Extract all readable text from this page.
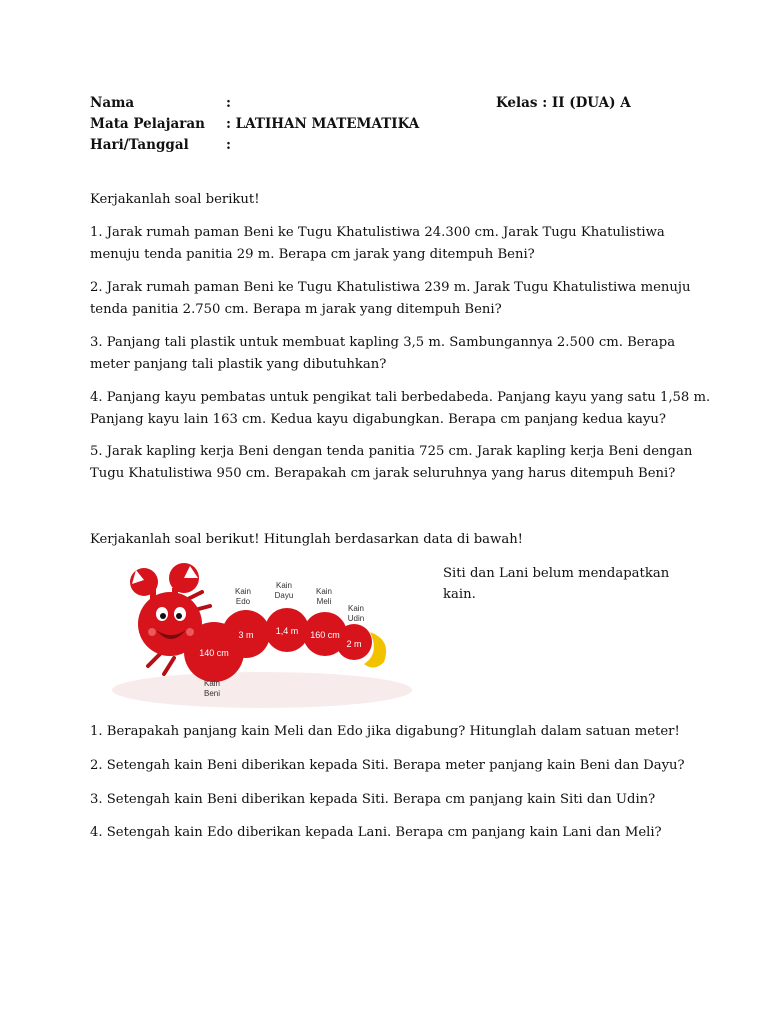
Nama	:	Kelas : II (DUA) A
Mata Pelajaran : LATIHAN MATEMATIKA
Hari/Tanggal	:
Kerjakanlah soal berikut!
1. Jarak rumah paman Beni ke Tugu Khatulistiwa 24.300 cm. Jarak Tugu Khatulistiwa
menuju tenda panitia 29 m. Berapa cm jarak yang ditempuh Beni?
2. Jarak rumah paman Beni ke Tugu Khatulistiwa 239 m. Jarak Tugu Khatulistiwa menuju
tenda panitia 2.750 cm. Berapa m jarak yang ditempuh Beni?
3. Panjang tali plastik untuk membuat kapling 3,5 m. Sambungannya 2.500 cm. Berapa
meter panjang tali plastik yang dibutuhkan?
4. Panjang kayu pembatas untuk pengikat tali berbedabeda. Panjang kayu yang satu 1,58 m.
Panjang kayu lain 163 cm. Kedua kayu digabungkan. Berapa cm panjang kedua kayu?
5. Jarak kapling kerja Beni dengan tenda panitia 725 cm. Jarak kapling kerja Beni dengan
Tugu Khatulistiwa 950 cm. Berapakah cm jarak seluruhnya yang harus ditempuh Beni?
Kerjakanlah soal berikut! Hitunglah berdasarkan data di bawah!
140 cm
3 m 1,4 m 160 cm
2 m
Kain
Edo
Kain
Dayu	Kain
Meli
Kain
Udin
Kain
Beni
Siti dan Lani belum mendapatkan
kain.
1. Berapakah panjang kain Meli dan Edo jika digabung? Hitunglah dalam satuan meter!
2. Setengah kain Beni diberikan kepada Siti. Berapa meter panjang kain Beni dan Dayu?
3. Setengah kain Beni diberikan kepada Siti. Berapa cm panjang kain Siti dan Udin?
4. Setengah kain Edo diberikan kepada Lani. Berapa cm panjang kain Lani dan Meli?
